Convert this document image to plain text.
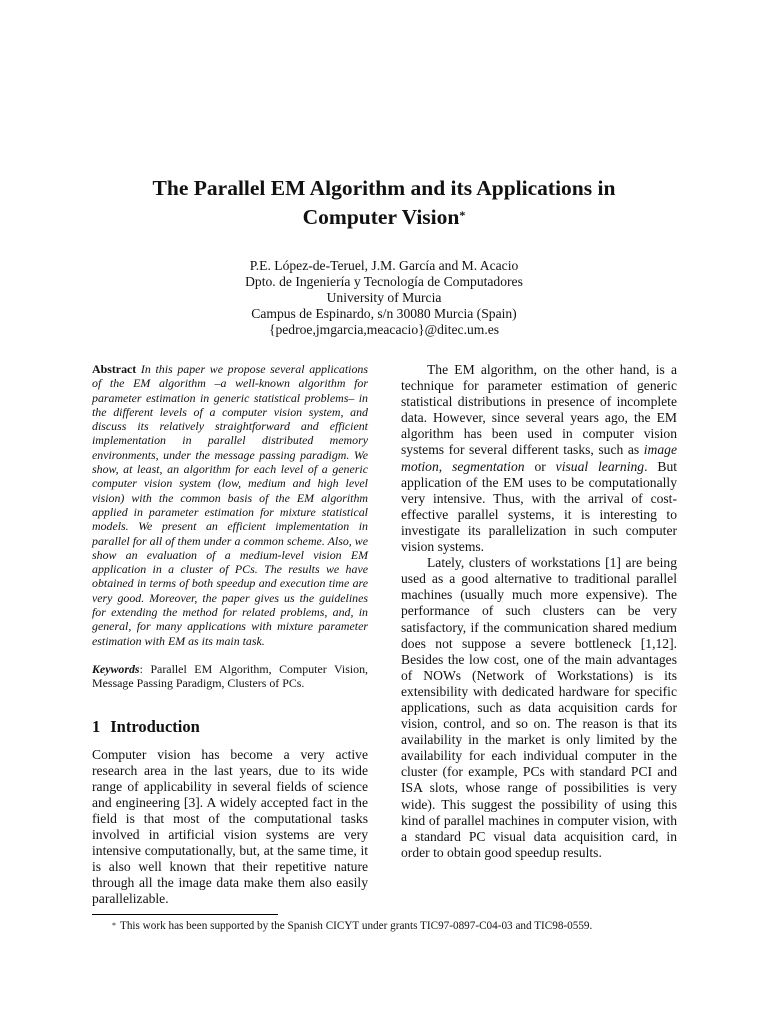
The Parallel EM Algorithm and its Applications in
Computer Vision*
P.E. López-de-Teruel, J.M. García and M. Acacio
Dpto. de Ingeniería y Tecnología de Computadores
University of Murcia
Campus de Espinardo, s/n 30080 Murcia (Spain)
{pedroe,jmgarcia,meacacio}@ditec.um.es

Abstract In this paper we propose several applications of the EM algorithm –a well-known algorithm for parameter estimation in generic statistical problems– in the different levels of a computer vision system, and discuss its relatively straightforward and efficient implementation in parallel distributed memory environments, under the message passing paradigm. We show, at least, an algorithm for each level of a generic computer vision system (low, medium and high level vision) with the common basis of the EM algorithm applied in parameter estimation for mixture statistical models. We present an efficient implementation in parallel for all of them under a common scheme. Also, we show an evaluation of a medium-level vision EM application in a cluster of PCs. The results we have obtained in terms of both speedup and execution time are very good. Moreover, the paper gives us the guidelines for extending the method for related problems, and, in general, for many applications with mixture parameter estimation with EM as its main task.

Keywords: Parallel EM Algorithm, Computer Vision, Message Passing Paradigm, Clusters of PCs.

1 Introduction

Computer vision has become a very active research area in the last years, due to its wide range of applicability in several fields of science and engineering [3]. A widely accepted fact in the field is that most of the computational tasks involved in artificial vision systems are very intensive computationally, but, at the same time, it is also well known that their repetitive nature through all the image data make them also easily parallelizable.

The EM algorithm, on the other hand, is a technique for parameter estimation of generic statistical distributions in presence of incomplete data. However, since several years ago, the EM algorithm has been used in computer vision systems for several different tasks, such as image motion, segmentation or visual learning. But application of the EM uses to be computationally very intensive. Thus, with the arrival of cost-effective parallel systems, it is interesting to investigate its parallelization in such computer vision systems.

Lately, clusters of workstations [1] are being used as a good alternative to traditional parallel machines (usually much more expensive). The performance of such clusters can be very satisfactory, if the communication shared medium does not suppose a severe bottleneck [1,12]. Besides the low cost, one of the main advantages of NOWs (Network of Workstations) is its extensibility with dedicated hardware for specific applications, such as data acquisition cards for vision, control, and so on. The reason is that its availability in the market is only limited by the availability for each individual computer in the cluster (for example, PCs with standard PCI and ISA slots, whose range of possibilities is very wide). This suggest the possibility of using this kind of parallel machines in computer vision, with a standard PC visual data acquisition card, in order to obtain good speedup results.

* This work has been supported by the Spanish CICYT under grants TIC97-0897-C04-03 and TIC98-0559.
